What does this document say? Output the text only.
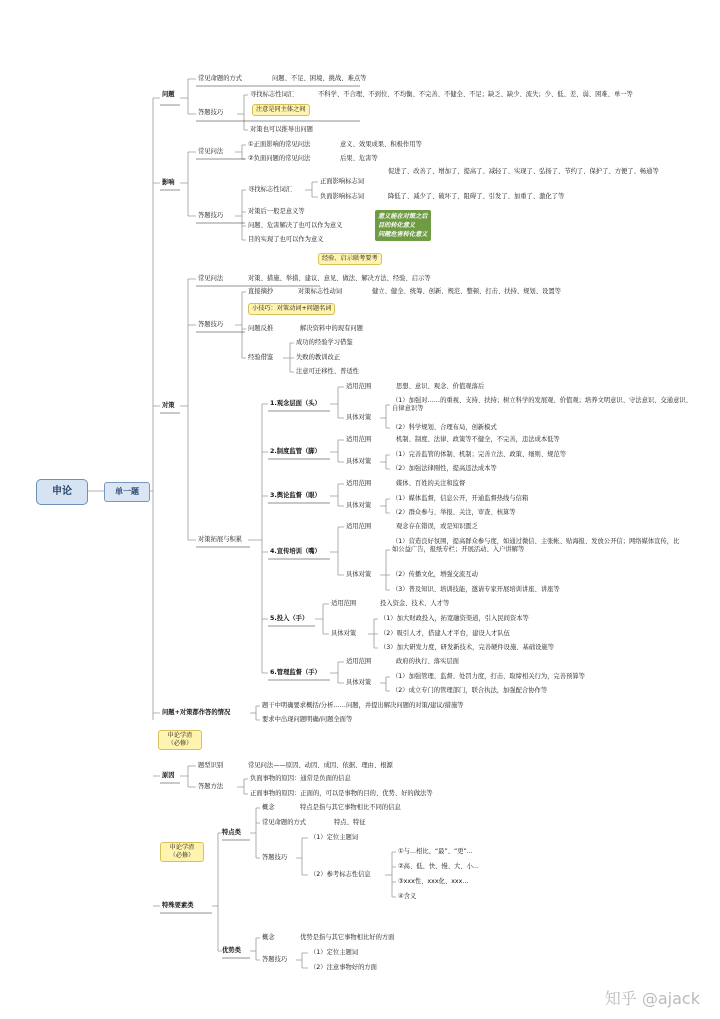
申论	单一题
问题
常见命题的方式	问题、不足、困境、挑战、难点等
答题技巧
寻找标志性词汇	不科学、不合理、不到位、不均衡、不完善、不健全、不足；缺乏、缺少、流失；少、低、差、弱、困难、单一等
注意是同主体之间
对策也可以推导出问题
影响
常见问法
①正面影响的常见问法	意义、效果成果、积极作用等
②负面问题的常见问法	后果、危害等
答题技巧
寻找标志性词汇
正面影响标志词
促进了、改善了、增加了、提高了、减轻了、实现了、弘扬了、节约了、保护了、方便了、畅通等
负面影响标志词	降低了、减少了、破坏了、阻碍了、引发了、加重了、激化了等
对策后一般是意义等
问题、危害解决了也可以作为意义
目的实现了也可以作为意义
意义能在对策之后
目的转化意义
问题危害转化意义
经验、启示联考要考
对策
常见问法	对策、措施、举措、建议、意见、做法、解决方法、经验、启示等
答题技巧
直接摘抄	对策标志性动词	健立、健全、统筹、创新、规范、整顿、打击、扶持、规划、设置等
小技巧：对策动词+问题名词
问题反推	解决资料中的现有问题
经验借鉴
成功的经验学习借鉴
失败的教训改正
注意可迁移性、普适性
对策拓展与积累
1.观念层面（头）
适用范围	思想、意识、观念、价值观落后
具体对策
（1）加强对……的重视、支持、扶持；树立科学的发展观、价值观；培养文明意识、守法意识、交通意识、自律意识等
（2）科学规划、合理布局，创新模式
2.制度监管（脚）
适用范围	机制、制度、法律、政策等不健全，不完善，违法成本低等
具体对策
（1）完善监管的体制、机制；完善立法、政策、细则、规范等
（2）加强法律刚性，提高违法成本等
3.舆论监督（眼）
适用范围	媒体、百姓的关注和监督
具体对策
（1）媒体监督，信息公开，开通监督热线与信箱
（2）群众参与、举报、关注，审查、核算等
4.宣传培训（嘴）
适用范围	观念存在错误，或是知识匮乏
具体对策
（1）营造良好氛围，提高群众参与度，如通过微信、主张帐、贴海报、发放公开信；网络媒体宣传，比如公益广告，报纸专栏；开展活动、入户讲解等
（2）传播文化，增强交流互动
（3）普及知识、培训技能，邀请专家开展培训讲座、讲座等
5.投入（手）
适用范围	投入资金、技术、人才等
具体对策
（1）加大财政投入，拓宽融资渠道，引入民间资本等
（2）吸引人才，搭建人才平台，建设人才队伍
（3）加大研发力度，研发新技术，完善硬件设施、基础设施等
6.管理监督（手）
适用范围	政府的执行、落实层面
具体对策
（1）加强管理、监督、处罚力度，打击、取缔相关行为，完善预算等
（2）成立专门的管理部门，联合执法，加强配合协作等
问题+对策都作答的情况
题干中明确要求概括/分析……问题，并提出解决问题的对策/建议/措施等
要求中出现问题明确/问题全面等
申论学渣（必修）
原因
题型识别	常见问法——原因、动因、成因、依据、理由、根源
答题方法
负面事物的原因：通常是负面的信息
正面事物的原因：正面的，可以是事物的目的、优势、好的做法等
申论学渣（必修）
特殊要素类
特点类
概念	特点是指与其它事物相比不同的信息
常见命题的方式	特点、特征
答题技巧
（1）定位主题词
（2）参考标志性信息
①与...相比、“最”、“更”...
②高、低、快、慢、大、小...
③xxx性、xxx化、xxx...
④含义
优势类
概念	优势是指与其它事物相比好的方面
答题技巧
（1）定位主题词
（2）注意事物好的方面
知乎 @ajack
